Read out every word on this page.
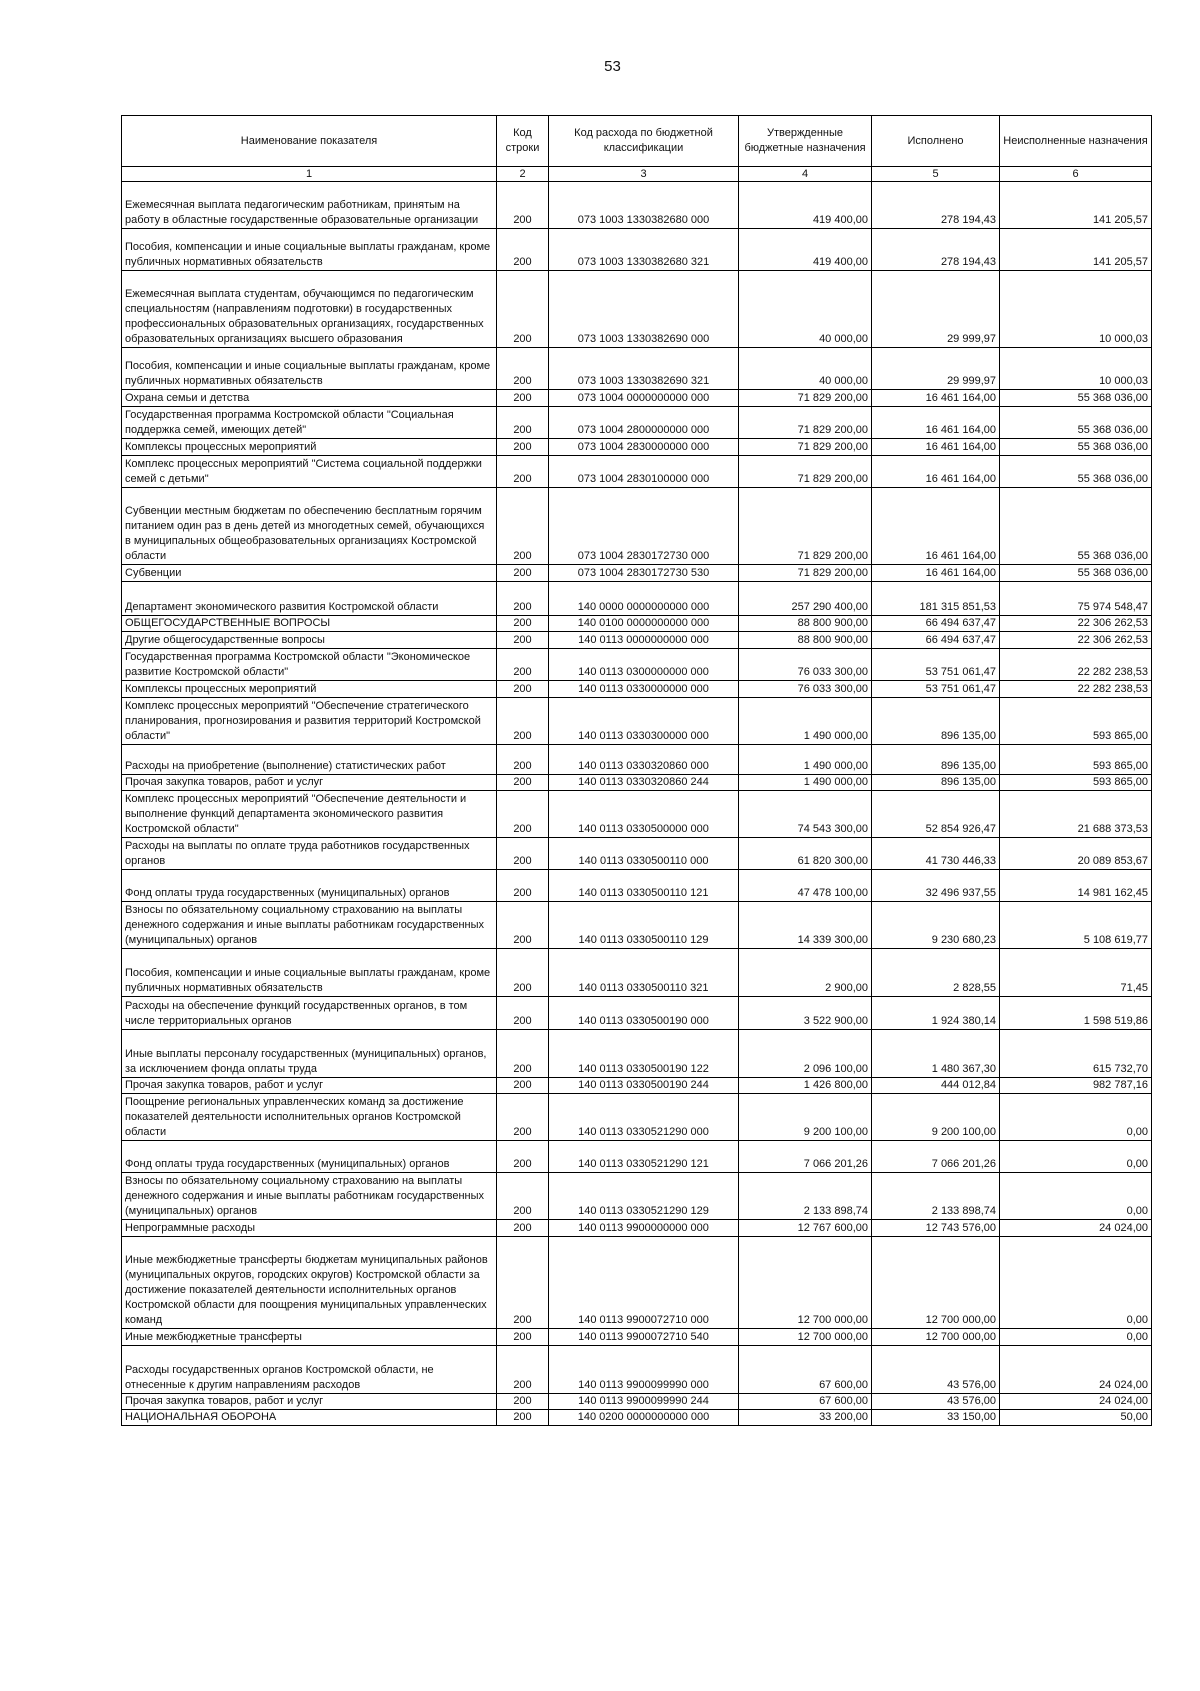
53
Наименование показателя	Код строки	Код расхода по бюджетной классификации	Утвержденные бюджетные назначения	Исполнено	Неисполненные назначения
1	2	3	4	5	6
Ежемесячная выплата педагогическим работникам, принятым на работу в областные государственные образовательные организации	200	073 1003 1330382680 000	419 400,00	278 194,43	141 205,57
Пособия, компенсации и иные социальные выплаты гражданам, кроме публичных нормативных обязательств	200	073 1003 1330382680 321	419 400,00	278 194,43	141 205,57
Ежемесячная выплата студентам, обучающимся по педагогическим специальностям (направлениям подготовки) в государственных профессиональных образовательных организациях, государственных образовательных организациях высшего образования	200	073 1003 1330382690 000	40 000,00	29 999,97	10 000,03
Пособия, компенсации и иные социальные выплаты гражданам, кроме публичных нормативных обязательств	200	073 1003 1330382690 321	40 000,00	29 999,97	10 000,03
Охрана семьи и детства	200	073 1004 0000000000 000	71 829 200,00	16 461 164,00	55 368 036,00
Государственная программа Костромской области "Социальная поддержка семей, имеющих детей"	200	073 1004 2800000000 000	71 829 200,00	16 461 164,00	55 368 036,00
Комплексы процессных мероприятий	200	073 1004 2830000000 000	71 829 200,00	16 461 164,00	55 368 036,00
Комплекс процессных мероприятий "Система социальной поддержки семей с детьми"	200	073 1004 2830100000 000	71 829 200,00	16 461 164,00	55 368 036,00
Субвенции местным бюджетам по обеспечению бесплатным горячим питанием один раз в день детей из многодетных семей, обучающихся в муниципальных общеобразовательных организациях Костромской области	200	073 1004 2830172730 000	71 829 200,00	16 461 164,00	55 368 036,00
Субвенции	200	073 1004 2830172730 530	71 829 200,00	16 461 164,00	55 368 036,00
Департамент экономического развития Костромской области	200	140 0000 0000000000 000	257 290 400,00	181 315 851,53	75 974 548,47
ОБЩЕГОСУДАРСТВЕННЫЕ ВОПРОСЫ	200	140 0100 0000000000 000	88 800 900,00	66 494 637,47	22 306 262,53
Другие общегосударственные вопросы	200	140 0113 0000000000 000	88 800 900,00	66 494 637,47	22 306 262,53
Государственная программа Костромской области "Экономическое развитие Костромской области"	200	140 0113 0300000000 000	76 033 300,00	53 751 061,47	22 282 238,53
Комплексы процессных мероприятий	200	140 0113 0330000000 000	76 033 300,00	53 751 061,47	22 282 238,53
Комплекс процессных мероприятий "Обеспечение стратегического планирования, прогнозирования и развития территорий Костромской области"	200	140 0113 0330300000 000	1 490 000,00	896 135,00	593 865,00
Расходы на приобретение (выполнение) статистических работ	200	140 0113 0330320860 000	1 490 000,00	896 135,00	593 865,00
Прочая закупка товаров, работ и услуг	200	140 0113 0330320860 244	1 490 000,00	896 135,00	593 865,00
Комплекс процессных мероприятий "Обеспечение деятельности и выполнение функций департамента экономического развития Костромской области"	200	140 0113 0330500000 000	74 543 300,00	52 854 926,47	21 688 373,53
Расходы на выплаты по оплате труда работников государственных органов	200	140 0113 0330500110 000	61 820 300,00	41 730 446,33	20 089 853,67
Фонд оплаты труда государственных (муниципальных) органов	200	140 0113 0330500110 121	47 478 100,00	32 496 937,55	14 981 162,45
Взносы по обязательному социальному страхованию на выплаты денежного содержания и иные выплаты работникам государственных (муниципальных) органов	200	140 0113 0330500110 129	14 339 300,00	9 230 680,23	5 108 619,77
Пособия, компенсации и иные социальные выплаты гражданам, кроме публичных нормативных обязательств	200	140 0113 0330500110 321	2 900,00	2 828,55	71,45
Расходы на обеспечение функций государственных органов, в том числе территориальных органов	200	140 0113 0330500190 000	3 522 900,00	1 924 380,14	1 598 519,86
Иные выплаты персоналу государственных (муниципальных) органов, за исключением фонда оплаты труда	200	140 0113 0330500190 122	2 096 100,00	1 480 367,30	615 732,70
Прочая закупка товаров, работ и услуг	200	140 0113 0330500190 244	1 426 800,00	444 012,84	982 787,16
Поощрение региональных управленческих команд за достижение показателей деятельности исполнительных органов Костромской области	200	140 0113 0330521290 000	9 200 100,00	9 200 100,00	0,00
Фонд оплаты труда государственных (муниципальных) органов	200	140 0113 0330521290 121	7 066 201,26	7 066 201,26	0,00
Взносы по обязательному социальному страхованию на выплаты денежного содержания и иные выплаты работникам государственных (муниципальных) органов	200	140 0113 0330521290 129	2 133 898,74	2 133 898,74	0,00
Непрограммные расходы	200	140 0113 9900000000 000	12 767 600,00	12 743 576,00	24 024,00
Иные межбюджетные трансферты бюджетам муниципальных районов (муниципальных округов, городских округов) Костромской области за достижение показателей деятельности исполнительных органов Костромской области для поощрения муниципальных управленческих команд	200	140 0113 9900072710 000	12 700 000,00	12 700 000,00	0,00
Иные межбюджетные трансферты	200	140 0113 9900072710 540	12 700 000,00	12 700 000,00	0,00
Расходы государственных органов Костромской области, не отнесенные к другим направлениям расходов	200	140 0113 9900099990 000	67 600,00	43 576,00	24 024,00
Прочая закупка товаров, работ и услуг	200	140 0113 9900099990 244	67 600,00	43 576,00	24 024,00
НАЦИОНАЛЬНАЯ ОБОРОНА	200	140 0200 0000000000 000	33 200,00	33 150,00	50,00
